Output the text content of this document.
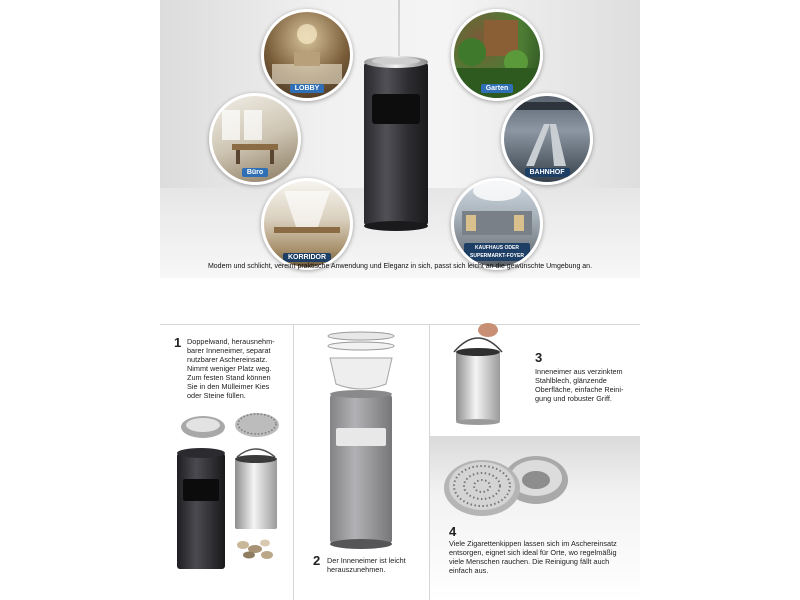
LOBBY
Büro
KORRIDOR
Garten
BAHNHOF
KAUFHAUS ODER
SUPERMARKT-FOYER
Modern und schlicht, vereint praktische Anwendung und Eleganz in sich, passt sich leicht an die gewünschte Umgebung an.
1 Doppelwand, herausnehm-
barer Inneneimer, separat
nutzbarer Aschereinsatz.
Nimmt weniger Platz weg.
Zum festen Stand können
Sie in den Mülleimer Kies
oder Steine füllen.
2 Der Inneneimer ist leicht
herauszunehmen.
3
Inneneimer aus verzinktem
Stahlblech, glänzende
Oberfläche, einfache Reini-
gung und robuster Griff.
4
Viele Zigarettenkippen lassen sich im Aschereinsatz
entsorgen, eignet sich ideal für Orte, wo regelmäßig
viele Menschen rauchen. Die Reinigung fällt auch
einfach aus.
